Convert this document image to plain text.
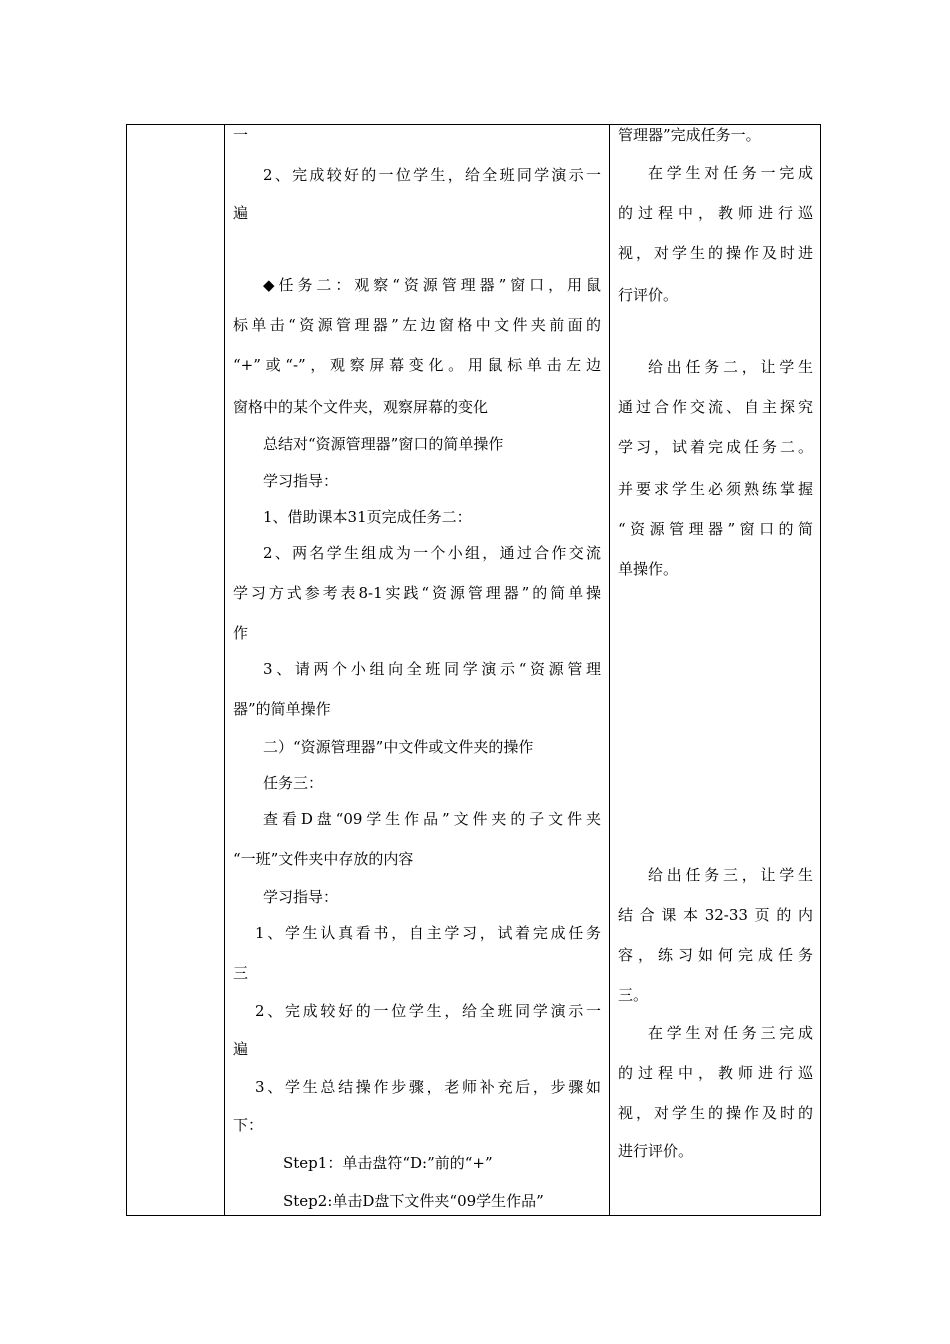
一
2、完成较好的一位学生，给全班同学演示一
遍
◆任务二：观察“资源管理器”窗口，用鼠
标单击“资源管理器”左边窗格中文件夹前面的
“+”或“-”，观察屏幕变化。用鼠标单击左边
窗格中的某个文件夹，观察屏幕的变化
总结对“资源管理器”窗口的简单操作
学习指导：
1、借助课本31页完成任务二：
2、两名学生组成为一个小组，通过合作交流
学习方式参考表8-1实践“资源管理器”的简单操
作
3、请两个小组向全班同学演示“资源管理
器”的简单操作
二）“资源管理器”中文件或文件夹的操作
任务三：
查看D盘“09学生作品”文件夹的子文件夹
“一班”文件夹中存放的内容
学习指导：
1、学生认真看书，自主学习，试着完成任务
三
2、完成较好的一位学生，给全班同学演示一
遍
3、学生总结操作步骤，老师补充后，步骤如
下：
Step1：单击盘符“D:”前的“+”
Step2:单击D盘下文件夹“09学生作品”
管理器”完成任务一。
在学生对任务一完成
的过程中，教师进行巡
视，对学生的操作及时进
行评价。
给出任务二，让学生
通过合作交流、自主探究
学习，试着完成任务二。
并要求学生必须熟练掌握
“资源管理器”窗口的简
单操作。
给出任务三，让学生
结合课本32-33页的内
容，练习如何完成任务
三。
在学生对任务三完成
的过程中，教师进行巡
视，对学生的操作及时的
进行评价。
